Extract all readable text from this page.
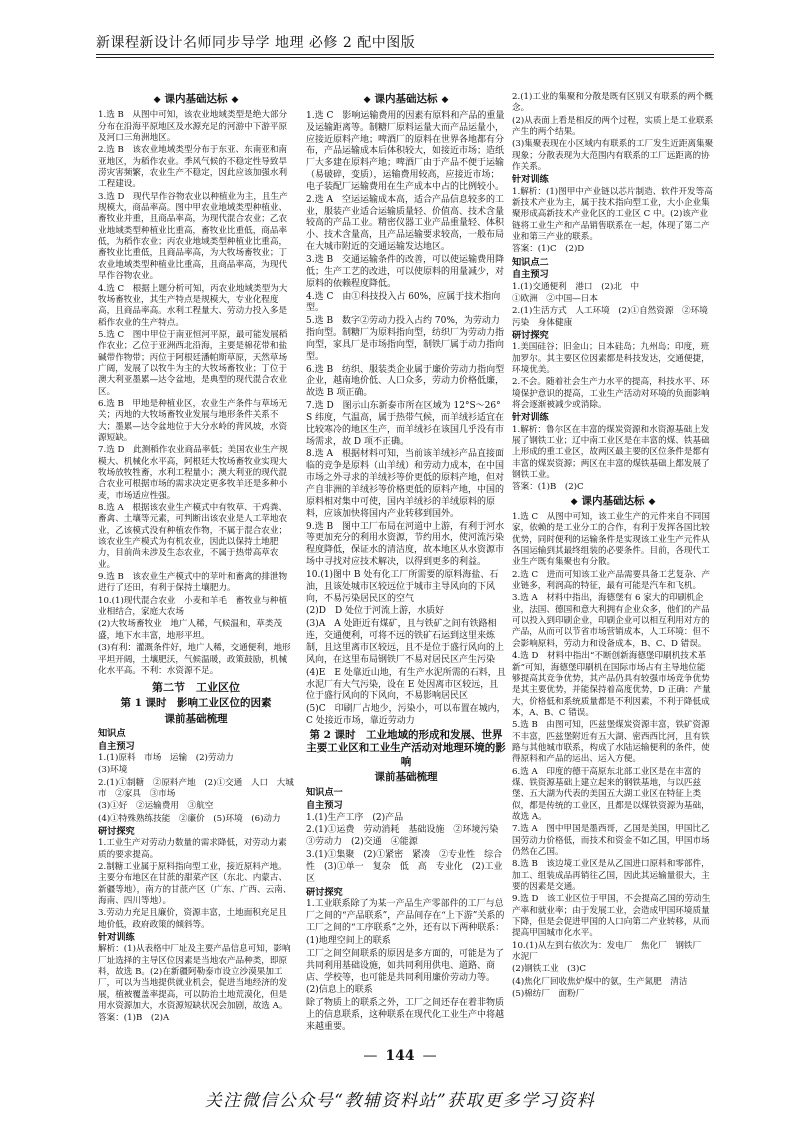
新课程新设计名师同步导学 地理 必修 2 配中图版
◆ 课内基础达标 ◆
1.选 B　从图中可知，该农业地域类型是绝大部分分布在沿海平原地区及水源充足的河游中下游平原及河口三角洲地区。
2.选 B　该农业地域类型分布于东亚、东南亚和南亚地区，为稻作农业。季风气候的不稳定性导致旱涝灾害频繁，农业生产不稳定，因此应该加强水利工程建设。
3.选 D　现代早作谷物农业以种植业为主，且生产规模大，商品率高。图中甲农业地域类型种植业、畜牧业并重，且商品率高，为现代混合农业；乙农业地域类型种植业比重高，畜牧业比重低，商品率低，为稻作农业；丙农业地域类型种植业比重高，畜牧业比重低，且商品率高，为大牧场畜牧业；丁农业地域类型种植业比重高，且商品率高，为现代早作谷物农业。
4.选 C　根据上题分析可知，丙农业地域类型为大牧场畜牧业，其生产特点是规模大，专业化程度高，且商品率高。水利工程量大、劳动力投入多是稻作农业的生产特点。
5.选 C　图中甲位于南亚恒河平原，最可能发展稻作农业；乙位于亚洲西北沿海，主要是棉花带和盐碱带作物带；丙位于阿根廷潘帕斯草原，天然草场广阔，发展了以牧牛为主的大牧场畜牧业；丁位于澳大利亚墨累—达令盆地，是典型的现代混合农业区。
6.选 B　甲地是种植业区，农业生产条件与草场无关；丙地的大牧场畜牧业发展与地形条件关系不大；墨累—达令盆地位于大分水岭的背风坡，水资源短缺。
7.选 D　此测稻作农业商品率低；美国农业生产规模大、机械化水平高，阿根廷大牧场畜牧业实现大牧场放牧牲畜，水利工程量小；澳大利亚的现代混合农业可根据市场的需求决定更多牧羊还是多种小麦，市场适应性强。
8.选 A　根据该农业生产模式中有牧草、干鸡粪、畜禽、土壤等元素，可判断出该农业是人工苹地农业，乙该模式没有种植农作物，不属于混合农业；该农业生产模式为有机农业，因此以保持土地肥力，目前尚未涉及生态农业，不属于热带高草农业。
9.选 B　该农业生产模式中的苹叶和畜禽的排泄物进行了还田，有利于保持土壤肥力。
10.(1)现代混合农业　小麦和羊毛　畜牧业与种植业相结合，家庭大农场
(2)大牧场畜牧业　地广人稀，气候温和，草类茂盛，地下水丰富，地形平坦。
(3)有利：灌溉条件好，地广人稀，交通便利，地形平坦开阔，土壤肥沃，气候温暖，政策鼓励，机械化水平高。不利：水资源不足。
第二节　工业区位
第 1 课时　影响工业区位的因素
课前基础梳理
知识点
自主预习
1.(1)原料　市场　运输　(2)劳动力
(3)环境
2.(1)①制糖　②原料产地　(2)①交通　人口　大城市　②家具　③市场
(3)①好　②运输费用　③航空
(4)①特殊熟练技能　②廉价　(5)环境　(6)动力
研讨探究
1.工业生产对劳动力数量的需求降低，对劳动力素质的要求提高。
2.制糖工业属于原料指向型工业，接近原料产地。主要分布地区在甘蔗的甜菜产区（东北、内蒙古、新疆等地），南方的甘蔗产区（广东、广西、云南、海南、四川等地）。
3.劳动力充足且廉价，资源丰富，土地面积充足且地价低，政府政策的倾斜等。
针对训练
解析：(1)从表格中厂址及主要产品信息可知，影响厂址选择的主导区位因素是当地农产品种类，即原料，故选 B。(2)在新疆阿勒泰市设立沙漠果加工厂，可以为当地提供就业机会，促进当地经济的发展，植被覆盖率提高，可以防治土地荒漠化，但是用水资源加大，水资源短缺状况会加剧，故选 A。
答案：(1)B　(2)A
◆ 课内基础达标 ◆
1.选 C　影响运输费用的因素有原料和产品的重量及运输距离等。制糖厂原料运量大而产品运量小，应接近原料产地；啤酒厂的原料在世界各地都有分布，产品运输成本后体积较大，如接近市场；造纸厂大多建在原料产地；啤酒厂由于产品不便于运输（易破碎，变质），运输费用较高，应接近市场；电子装配厂运输费用在生产成本中占的比例较小。
2.选 A　空运运输成本高，适合产品信息较多的工业，服装产业适合运输质量轻、价值高、技术含量较高的产品工业。精密仪器工业产品重量轻、体积小、技术含量高，且产品运输要求较高，一般布局在大城市附近的交通运输发达地区。
3.选 B　交通运输条件的改善，可以使运输费用降低；生产工艺的改进，可以使原料的用量减少，对原料的依赖程度降低。
4.选 C　由①科技投入占 60%，应属于技术指向型。
5.选 B　数字②劳动力投入占约 70%，为劳动力指向型。制糖厂为原料指向型，纺织厂为劳动力指向型，家具厂是市场指向型，制铁厂属于动力指向型。
6.选 B　纺织、服装类企业属于廉价劳动力指向型企业，越南地价低、人口众多，劳动力价格低廉，故选 B 项正确。
7.选 D　图示山东新泰市所在区域为 12°S～26°S 纬度，气温高，属于热带气候，而羊绒衫适宜在比较寒冷的地区生产，而羊绒衫在该国几乎没有市场需求，故 D 项不正确。
8.选 A　根据材料可知，当前该羊绒衫产品直接面临的竞争是原料（山羊绒）和劳动力成本，在中国市场之外寻求的羊绒衫等价更低的原料产地，但对产自非洲的羊绒衫等价格更低的原料产地，中国的原料相对集中可使，国内羊绒衫的羊绒原料的原料，应该加快将国内产业转移到国外。
9.选 B　图中工厂布局在河道中上游，有利于河水等更加充分的利用水资源，节约用水，使河流污染程度降低，保证水的清洁度，故本地区从水资源市场中寻找对应技术解决，以得到更多的利益。
10.(1)图中 B 处有化工厂所需要的原料海盐、石油，且该处城市区较远位于城市主导风向的下风向，不易污染居民区的空气
(2)D　D 处位于河流上游，水质好
(3)A　A 处距近有煤矿，且与铁矿之间有铁路相连，交通便利，可将不远的铁矿石运到这里来炼制，且这里离市区较远，且不是位于盛行风向的上风向，在这里布局钢铁厂不易对居民区产生污染
(4)E　E 处靠近山地，有生产水泥所需的石料，且水泥厂有大气污染，设在 E 处因离市区较远，且位于盛行风向的下风向，不易影响居民区
(5)C　印刷厂占地少，污染小，可以布置在城内，C 处接近市场，靠近劳动力
第 2 课时　工业地域的形成和发展、世界主要工业区和工业生产活动对地理环境的影响
课前基础梳理
知识点一
自主预习
1.(1)生产工序　(2)产品
2.(1)①运费　劳动消耗　基础设施　②环境污染　③劳动力　(2)交通　④能源
3.(1)①集聚　(2)①紧密　紧凑　②专业性　综合性　(3)①单一　复杂　低　高　专业化　(2)工业区
研讨探究
1.工业联系除了为某一产品生产零部件的工厂与总厂之间的“产品联系”，产品间存在“上下游”关系的工厂之间的“工序联系”之外，还有以下两种联系：
(1)地理空间上的联系
工厂之间空间联系的原因是多方面的，可能是为了共同利用基础设施，如共同利用供电、道路、商店、学校等，也可能是共同利用廉价劳动力等。
(2)信息上的联系
除了物质上的联系之外，工厂之间还存在着非物质上的信息联系，这种联系在现代化工业生产中将越来越重要。
2.(1)工业的集聚和分散是既有区别又有联系的两个概念。
(2)从表面上看是相反的两个过程，实质上是工业联系产生的两个结果。
(3)集聚表现在小区域内有联系的工厂发生近距离集聚现象；分散表现为大范围内有联系的工厂远距离的协作关系。
针对训练
1.解析：(1)图甲中产业链以芯片制造、软件开发等高新技术产业为主，属于技术指向型工业，大小企业集聚形成高新技术产业化区的工业区 C 中。(2)该产业链将工业生产和产品销售联系在一起，体现了第二产业和第三产业的联系。
答案：(1)C　(2)D
知识点二
自主预习
1.(1)交通便利　港口　(2)北　中
①欧洲　②中国—日本
2.(1)生活方式　人工环境　(2)①自然资源　②环境污染　身体健康
研讨探究
1.美国硅谷；旧金山；日本硅岛；九州岛；印度，班加罗尔。其主要区位因素都是科技发达，交通便捷，环境优美。
2.不会。随着社会生产力水平的提高，科技水平、环境保护意识的提高，工业生产活动对环境的负面影响将会逐渐被减少或消除。
针对训练
1.解析：鲁尔区在丰富的煤炭资源和水资源基础上发展了钢铁工业；辽中南工业区是在丰富的煤、铁基础上形成的重工业区，故两区最主要的区位条件是都有丰富的煤炭资源；两区在丰富的煤铁基础上都发展了钢铁工业。
答案：(1)B　(2)C
◆ 课内基础达标 ◆
1.选 C　从图中可知，该工业生产的元件来自不同国家，依赖的是工业分工的合作，有利于发挥各国比较优势，同时便利的运输条件是实现该工业生产元件从各国运输到其最终组装的必要条件。目前，各现代工业生产既有集聚也有分散。
2.选 C　进而可知该工业产品需要具备工艺复杂、产业链多，利润高的特征，最有可能是汽车和飞机。
3.选 A　材料中指出，海德堡有 6 家大的印刷机企业，法国、德国和意大利拥有企业众多，他们的产品可以投入到印刷企业，印刷企业可以相互利用对方的产品，从而可以节省市场营销成本，人工环境：但不会影响原料，劳动力和设备成本，B、C、D 错误。
4.选 D　材料中指出“不断创新海德堡印刷机技术革新”可知，海德堡印刷机在国际市场占有主导地位能够提高其竞争优势，其产品仍具有较强市场竞争优势是其主要优势，并能保持着高度优势，D 正确：产量大，价格低和系统质量都是不利因素，不利于降低成本，A、B、C 错误。
5.选 B　由图可知，匹兹堡煤炭资源丰富，铁矿资源不丰富，匹兹堡附近有五大湖、密西西比河，且有铁路与其他城市联系，构成了水陆运输便利的条件，使得原料和产品的运出、运入方便。
6.选 A　印度的德干高原东北部工业区是在丰富的煤、铁资源基础上建立起来的钢铁基地，与以匹兹堡、五大湖为代表的美国五大湖工业区在特征上类似，都是传统的工业区，且都是以煤铁资源为基础，故选 A。
7.选 A　图中甲国是墨西哥，乙国是美国，甲国比乙国劳动力价格低，而技术和资金不如乙国，甲国市场仍然在乙国。
8.选 B　该边境工业区是从乙国进口原料和零部件，加工、组装成品再销往乙国，因此其运输量很大，主要的因素是交通。
9.选 D　该工业区位于甲国，不会提高乙国的劳动生产率和就业率；由于发展工业，会造成甲国环境质量下降，但是会促进甲国的人口向第二产业转移，从而提高甲国城市化水平。
10.(1)从左到右依次为：发电厂　焦化厂　钢铁厂　水泥厂
(2)钢铁工业　(3)C
(4)焦化厂回收焦炉煤中的氨，生产氮肥　清洁
(5)棉纺厂　面粉厂
— 144 —
关注微信公众号“教辅资料站”获取更多学习资料
